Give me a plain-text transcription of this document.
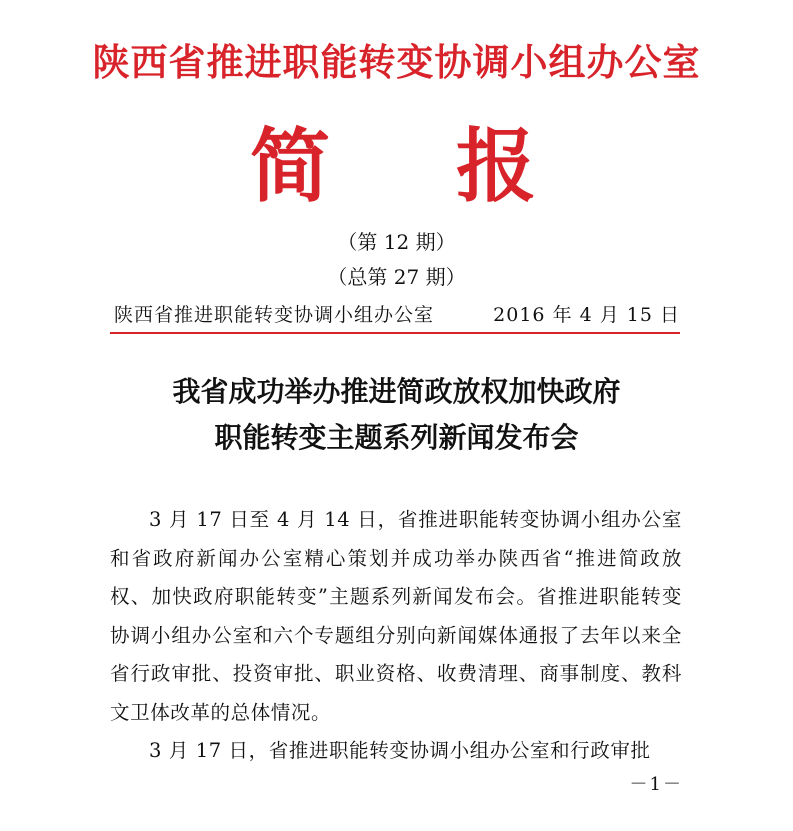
陕西省推进职能转变协调小组办公室
简 报
（第 12 期）
（总第 27 期）
陕西省推进职能转变协调小组办公室	2016 年 4 月 15 日
我省成功举办推进简政放权加快政府
职能转变主题系列新闻发布会

3 月 17 日至 4 月 14 日，省推进职能转变协调小组办公室和省政府新闻办公室精心策划并成功举办陕西省“推进简政放权、加快政府职能转变”主题系列新闻发布会。省推进职能转变协调小组办公室和六个专题组分别向新闻媒体通报了去年以来全省行政审批、投资审批、职业资格、收费清理、商事制度、教科文卫体改革的总体情况。

3 月 17 日，省推进职能转变协调小组办公室和行政审批

－1－
